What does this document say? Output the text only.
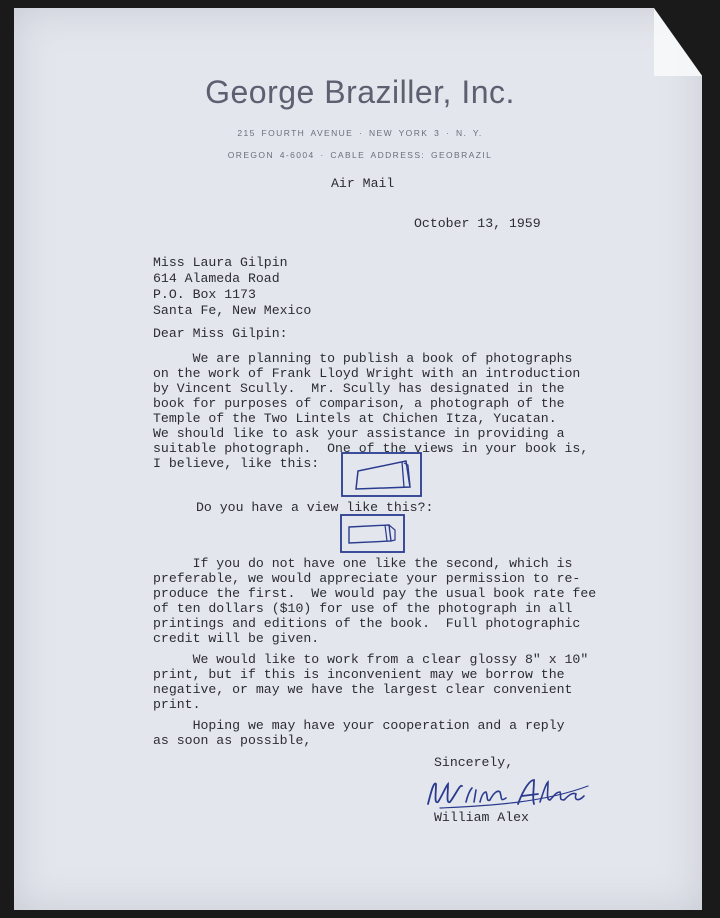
George Braziller, Inc.
215 FOURTH AVENUE · NEW YORK 3 · N. Y.
OREGON 4-6004 · CABLE ADDRESS: GEOBRAZIL
Air Mail
October 13, 1959
Miss Laura Gilpin
614 Alameda Road
P.O. Box 1173
Santa Fe, New Mexico
Dear Miss Gilpin:
We are planning to publish a book of photographs
on the work of Frank Lloyd Wright with an introduction
by Vincent Scully.  Mr. Scully has designated in the
book for purposes of comparison, a photograph of the
Temple of the Two Lintels at Chichen Itza, Yucatan.
We should like to ask your assistance in providing a
suitable photograph.  One of the views in your book is,
I believe, like this:
Do you have a view like this?:
If you do not have one like the second, which is
preferable, we would appreciate your permission to re-
produce the first.  We would pay the usual book rate fee
of ten dollars ($10) for use of the photograph in all
printings and editions of the book.  Full photographic
credit will be given.
We would like to work from a clear glossy 8" x 10"
print, but if this is inconvenient may we borrow the
negative, or may we have the largest clear convenient
print.
Hoping we may have your cooperation and a reply
as soon as possible,
Sincerely,
William Alex
